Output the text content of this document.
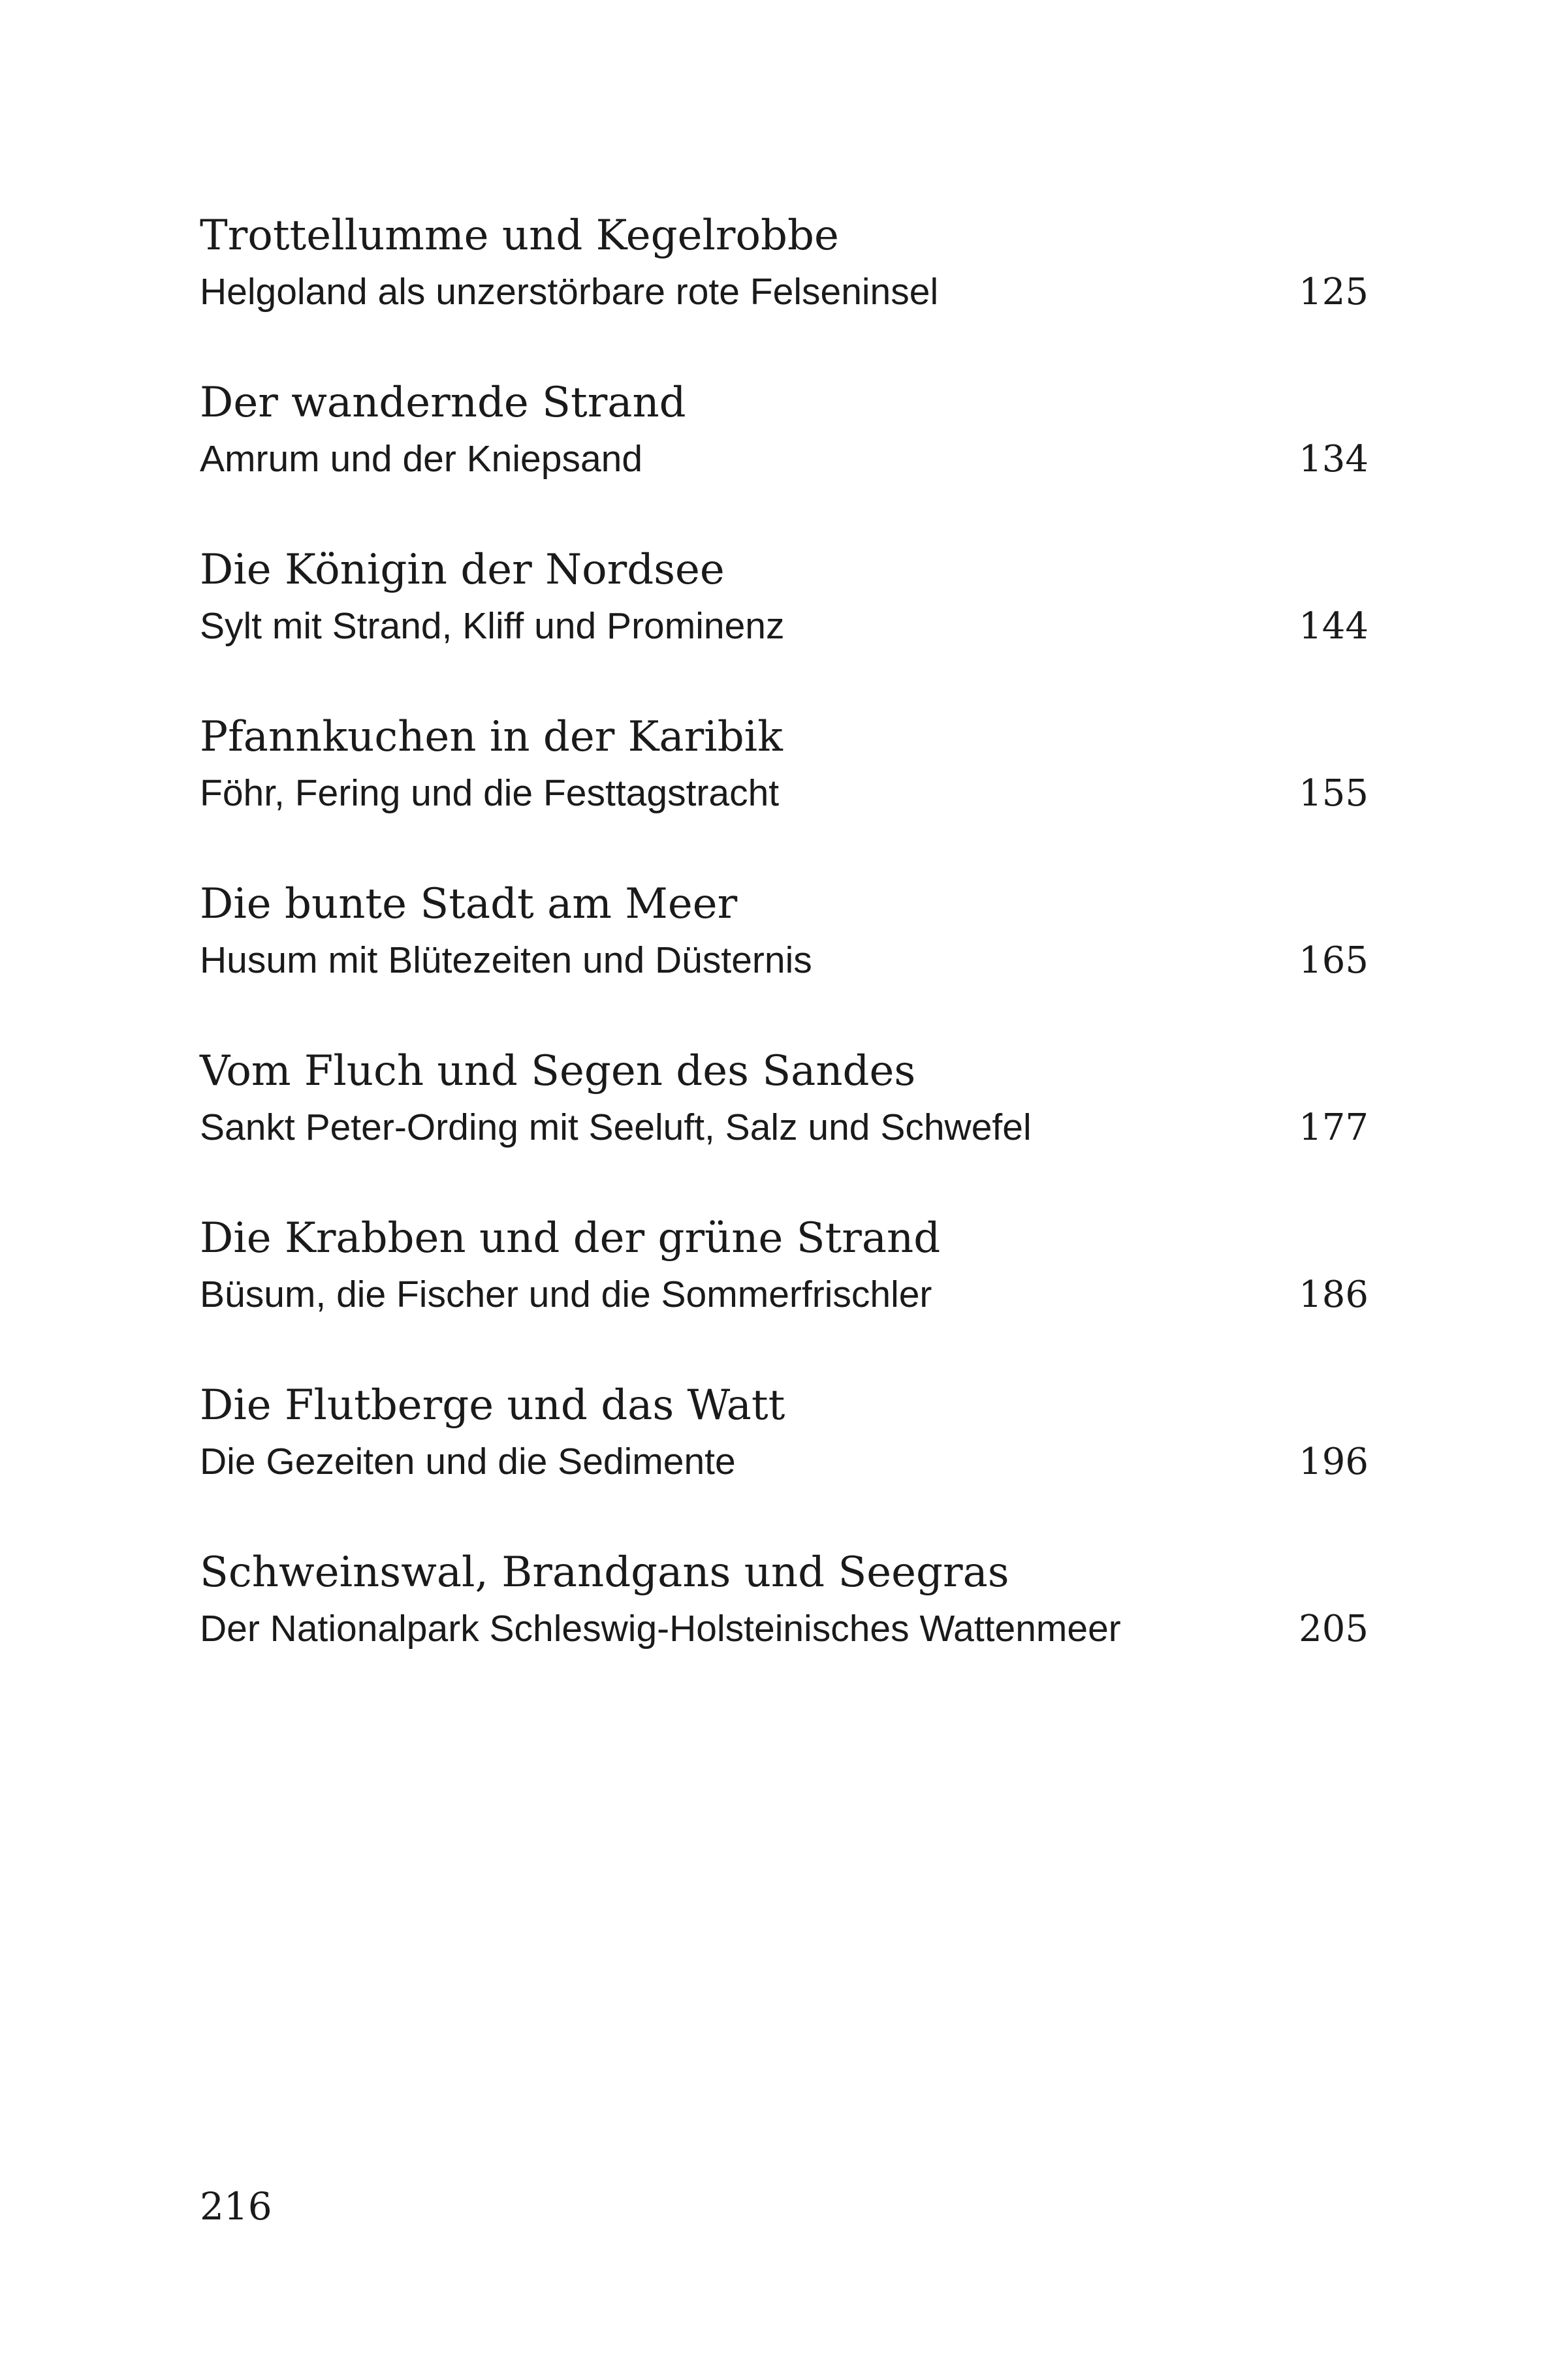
Trottellumme und Kegelrobbe
Helgoland als unzerstörbare rote Felseninsel	125
Der wandernde Strand
Amrum und der Kniepsand	134
Die Königin der Nordsee
Sylt mit Strand, Kliff und Prominenz	144
Pfannkuchen in der Karibik
Föhr, Fering und die Festtagstracht	155
Die bunte Stadt am Meer
Husum mit Blütezeiten und Düsternis	165
Vom Fluch und Segen des Sandes
Sankt Peter-Ording mit Seeluft, Salz und Schwefel	177
Die Krabben und der grüne Strand
Büsum, die Fischer und die Sommerfrischler	186
Die Flutberge und das Watt
Die Gezeiten und die Sedimente	196
Schweinswal, Brandgans und Seegras
Der Nationalpark Schleswig-Holsteinisches Wattenmeer	205
216
